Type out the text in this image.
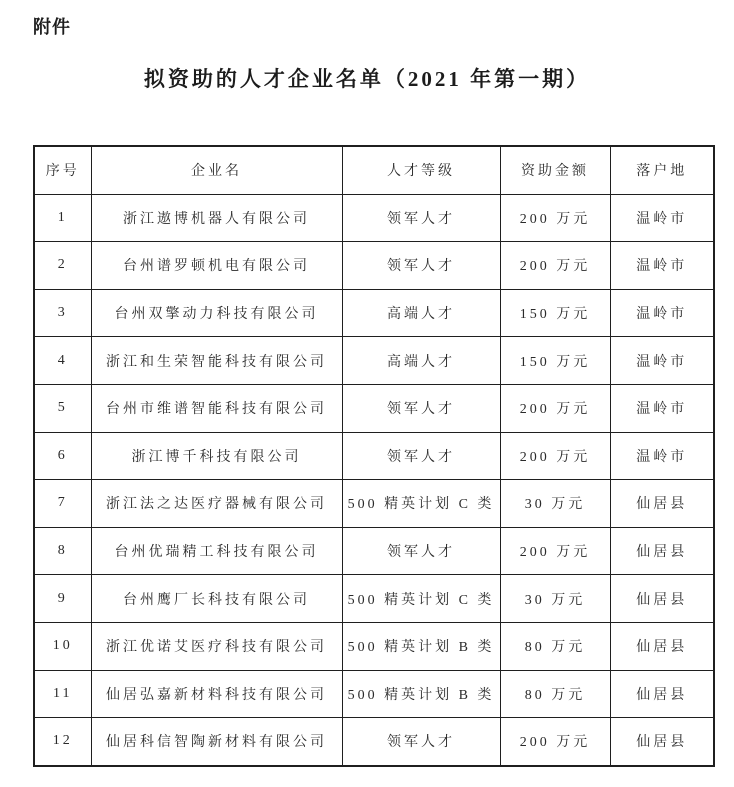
附件
拟资助的人才企业名单（2021 年第一期）
序号	企业名	人才等级	资助金额	落户地
1	浙江遨博机器人有限公司	领军人才	200 万元	温岭市
2	台州谱罗顿机电有限公司	领军人才	200 万元	温岭市
3	台州双擎动力科技有限公司	高端人才	150 万元	温岭市
4	浙江和生荣智能科技有限公司	高端人才	150 万元	温岭市
5	台州市维谱智能科技有限公司	领军人才	200 万元	温岭市
6	浙江博千科技有限公司	领军人才	200 万元	温岭市
7	浙江法之达医疗器械有限公司	500 精英计划 C 类	30 万元	仙居县
8	台州优瑞精工科技有限公司	领军人才	200 万元	仙居县
9	台州鹰厂长科技有限公司	500 精英计划 C 类	30 万元	仙居县
10	浙江优诺艾医疗科技有限公司	500 精英计划 B 类	80 万元	仙居县
11	仙居弘嘉新材料科技有限公司	500 精英计划 B 类	80 万元	仙居县
12	仙居科信智陶新材料有限公司	领军人才	200 万元	仙居县
